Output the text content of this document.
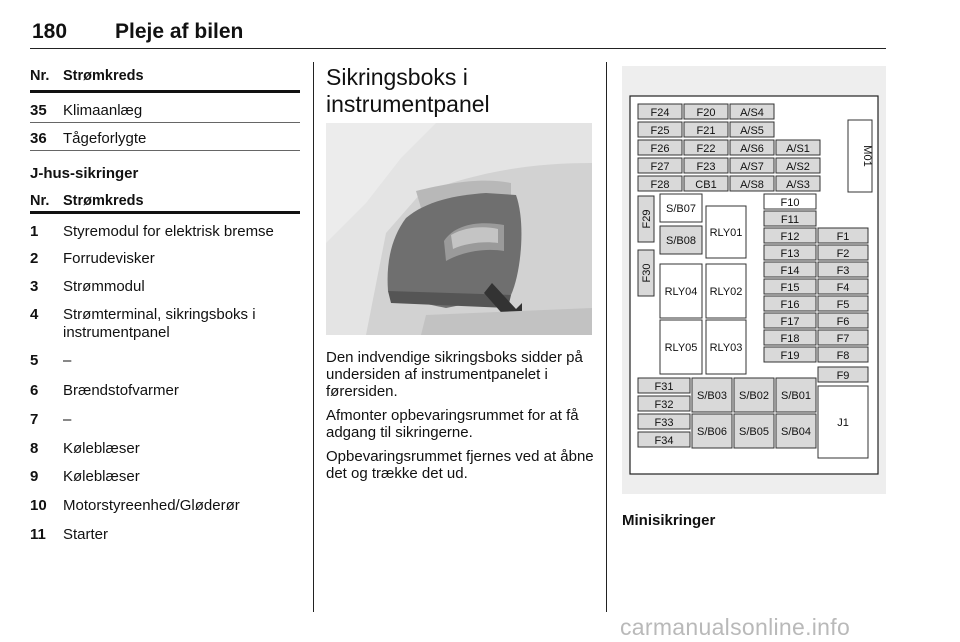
180 Pleje af bilen
Nr. Strømkreds
35 Klimaanlæg
36 Tågeforlygte
J-hus-sikringer
Nr. Strømkreds
1 Styremodul for elektrisk bremse
2 Forrudevisker
3 Strømmodul
4 Strømterminal, sikringsboks i instrumentpanel
5 –
6 Brændstofvarmer
7 –
8 Køleblæser
9 Køleblæser
10 Motorstyreenhed/Gløderør
11 Starter
Sikringsboks i
instrumentpanel
Den indvendige sikringsboks sidder på undersiden af instrumentpanelet i førersiden.
Afmonter opbevaringsrummet for at få adgang til sikringerne.
Opbevaringsrummet fjernes ved at åbne det og trække det ud.
F24 F20 A/S4
F25 F21 A/S5
F26 F22 A/S6 A/S1
F27 F23 A/S7 A/S2
F28 CB1 A/S8 A/S3
M01
F29
F30
S/B07
S/B08
RLY01
RLY04 RLY02
RLY05 RLY03
F10
F11
F12
F13
F14
F15
F16
F17
F18
F19
F1
F2
F3
F4
F5
F6
F7
F8
F9
F31
F32
F33
F34
S/B03 S/B02 S/B01
S/B06 S/B05 S/B04
J1
Minisikringer
carmanualsonline.info
